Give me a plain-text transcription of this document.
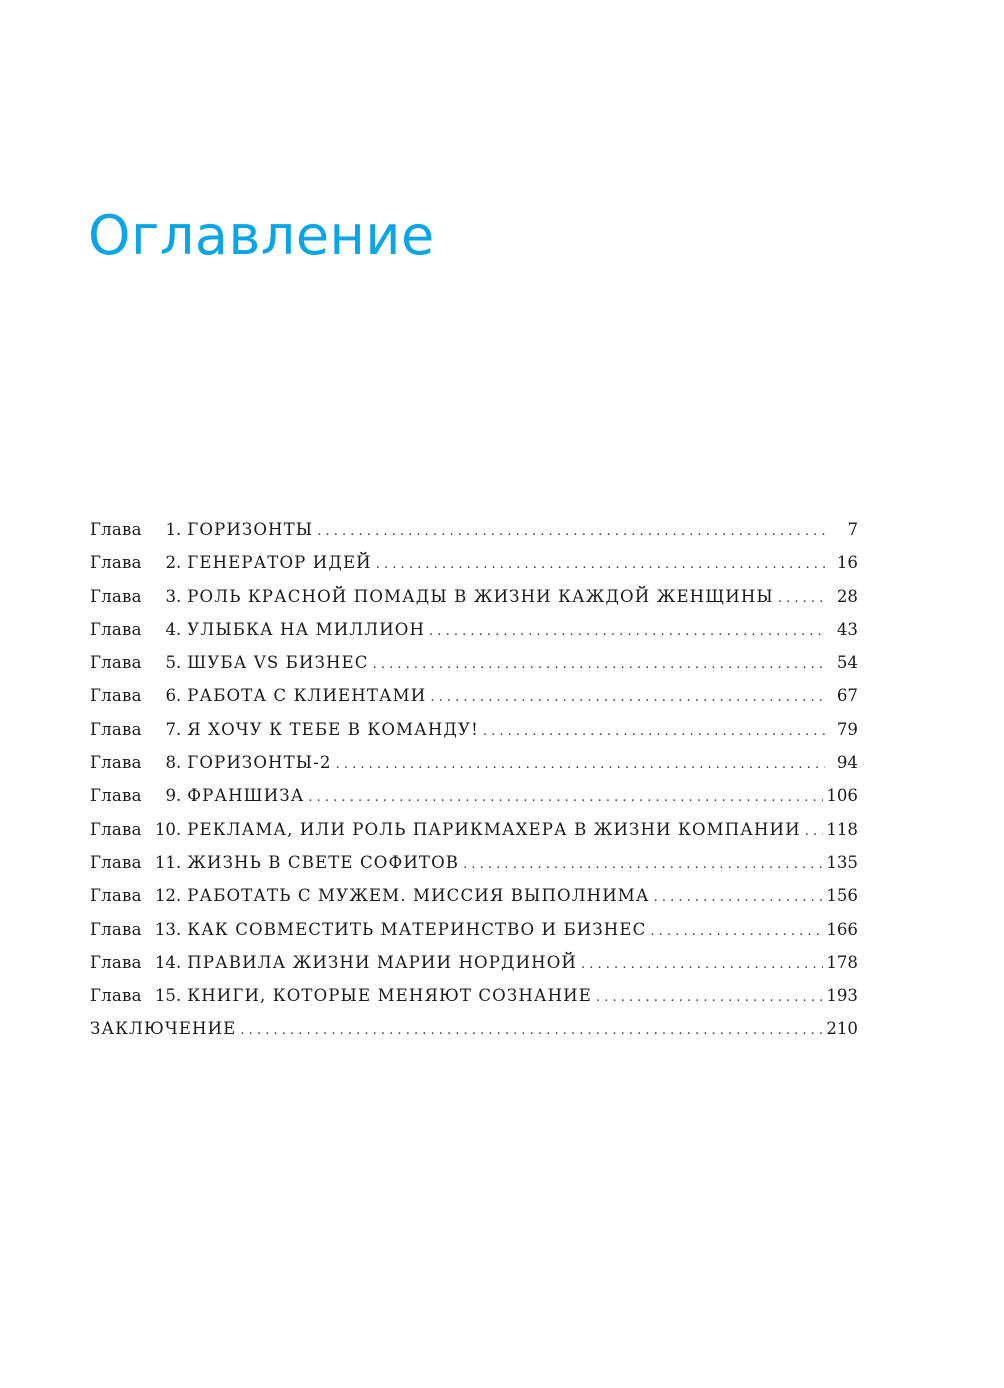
Оглавление
Глава	1 . ГОРИЗОНТЫ . . .	7
Глава	2 . ГЕНЕРАТОР ИДЕЙ . . .	16
Глава	3 . РОЛЬ КРАСНОЙ ПОМАДЫ В ЖИЗНИ КАЖДОЙ ЖЕНЩИНЫ . . .	28
Глава	4 . УЛЫБКА НА МИЛЛИОН . . .	43
Глава	5 . ШУБА VS БИЗНЕС . . .	54
Глава	6 . РАБОТА С КЛИЕНТАМИ . . .	67
Глава	7 . Я ХОЧУ К ТЕБЕ В КОМАНДУ! . . .	79
Глава	8 . ГОРИЗОНТЫ-2 . . .	94
Глава	9 . ФРАНШИЗА . . .	106
Глава 10 . РЕКЛАМА, ИЛИ РОЛЬ ПАРИКМАХЕРА В ЖИЗНИ КОМПАНИИ . . . 118
Глава 11 . ЖИЗНЬ В СВЕТЕ СОФИТОВ . . .	135
Глава 12 . РАБОТАТЬ С МУЖЕМ. МИССИЯ ВЫПОЛНИМА . . .	156
Глава 13 . КАК СОВМЕСТИТЬ МАТЕРИНСТВО И БИЗНЕС . . .	166
Глава 14 . ПРАВИЛА ЖИЗНИ МАРИИ НОРДИНОЙ . . .	178
Глава 15 . КНИГИ, КОТОРЫЕ МЕНЯЮТ СОЗНАНИЕ . . .	193
ЗАКЛЮЧЕНИЕ . . .	210
